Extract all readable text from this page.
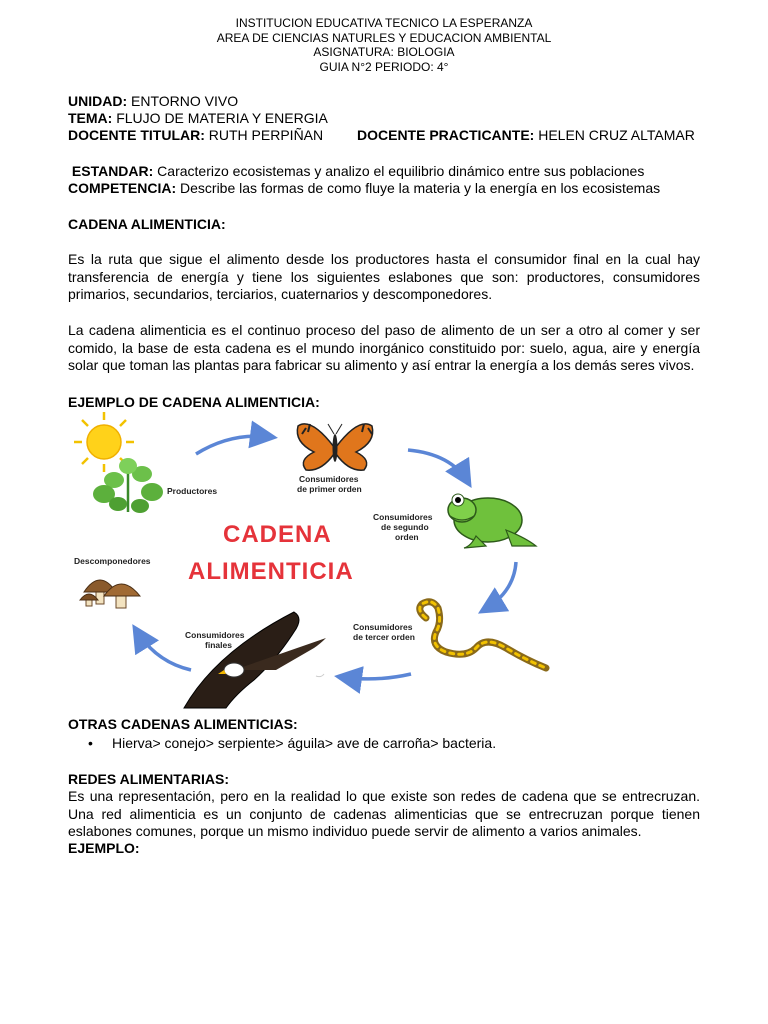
INSTITUCION EDUCATIVA TECNICO LA ESPERANZA
AREA DE CIENCIAS NATURLES Y EDUCACION AMBIENTAL
ASIGNATURA: BIOLOGIA
GUIA N°2 PERIODO: 4°
UNIDAD: ENTORNO VIVO
TEMA: FLUJO DE MATERIA Y ENERGIA
DOCENTE TITULAR: RUTH PERPIÑAN DOCENTE PRACTICANTE: HELEN CRUZ ALTAMAR
ESTANDAR: Caracterizo ecosistemas y analizo el equilibrio dinámico entre sus poblaciones
COMPETENCIA: Describe las formas de como fluye la materia y la energía en los ecosistemas
CADENA ALIMENTICIA:
Es la ruta que sigue el alimento desde los productores hasta el consumidor final en la cual hay transferencia de energía y tiene los siguientes eslabones que son: productores, consumidores primarios, secundarios, terciarios, cuaternarios y descomponedores.
La cadena alimenticia es el continuo proceso del paso de alimento de un ser a otro al comer y ser comido, la base de esta cadena es el mundo inorgánico constituido por: suelo, agua, aire y energía solar que toman las plantas para fabricar su alimento y así entrar la energía a los demás seres vivos.
EJEMPLO DE CADENA ALIMENTICIA:
Productores
Consumidores
de primer orden
Consumidores
de segundo
orden
CADENA
ALIMENTICIA
Descomponedores
Consumidores
finales
Consumidores
de tercer orden
OTRAS CADENAS ALIMENTICIAS:
• Hierva> conejo> serpiente> águila> ave de carroña> bacteria.
REDES ALIMENTARIAS:
Es una representación, pero en la realidad lo que existe son redes de cadena que se entrecruzan. Una red alimenticia es un conjunto de cadenas alimenticias que se entrecruzan porque tienen eslabones comunes, porque un mismo individuo puede servir de alimento a varios animales.
EJEMPLO:
